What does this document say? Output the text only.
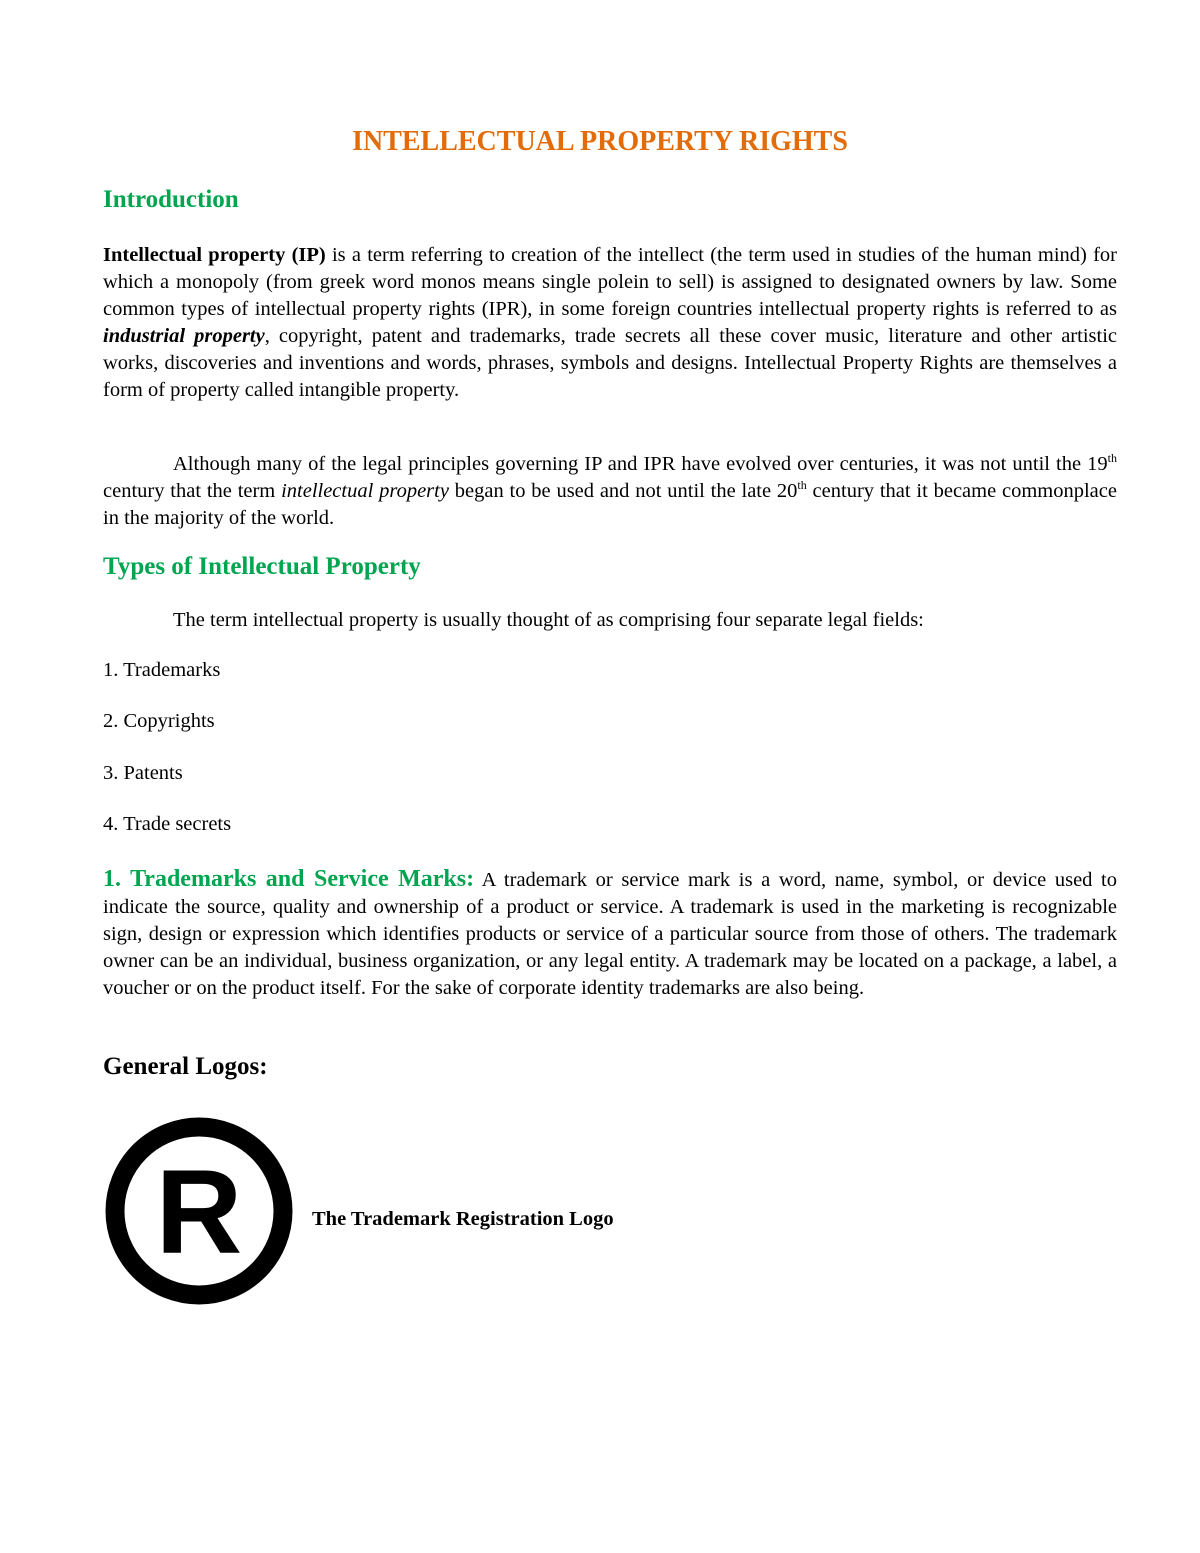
INTELLECTUAL PROPERTY RIGHTS
Introduction

Intellectual property (IP) is a term referring to creation of the intellect (the term used in studies of the human mind) for which a monopoly (from greek word monos means single polein to sell) is assigned to designated owners by law. Some common types of intellectual property rights (IPR), in some foreign countries intellectual property rights is referred to as industrial property, copyright, patent and trademarks, trade secrets all these cover music, literature and other artistic works, discoveries and inventions and words, phrases, symbols and designs. Intellectual Property Rights are themselves a form of property called intangible property.

Although many of the legal principles governing IP and IPR have evolved over centuries, it was not until the 19th century that the term intellectual property began to be used and not until the late 20th century that it became commonplace in the majority of the world.

Types of Intellectual Property

The term intellectual property is usually thought of as comprising four separate legal fields:

1. Trademarks

2. Copyrights

3. Patents

4. Trade secrets

1. Trademarks and Service Marks: A trademark or service mark is a word, name, symbol, or device used to indicate the source, quality and ownership of a product or service. A trademark is used in the marketing is recognizable sign, design or expression which identifies products or service of a particular source from those of others. The trademark owner can be an individual, business organization, or any legal entity. A trademark may be located on a package, a label, a voucher or on the product itself. For the sake of corporate identity trademarks are also being.

General Logos:
R	The Trademark Registration Logo
